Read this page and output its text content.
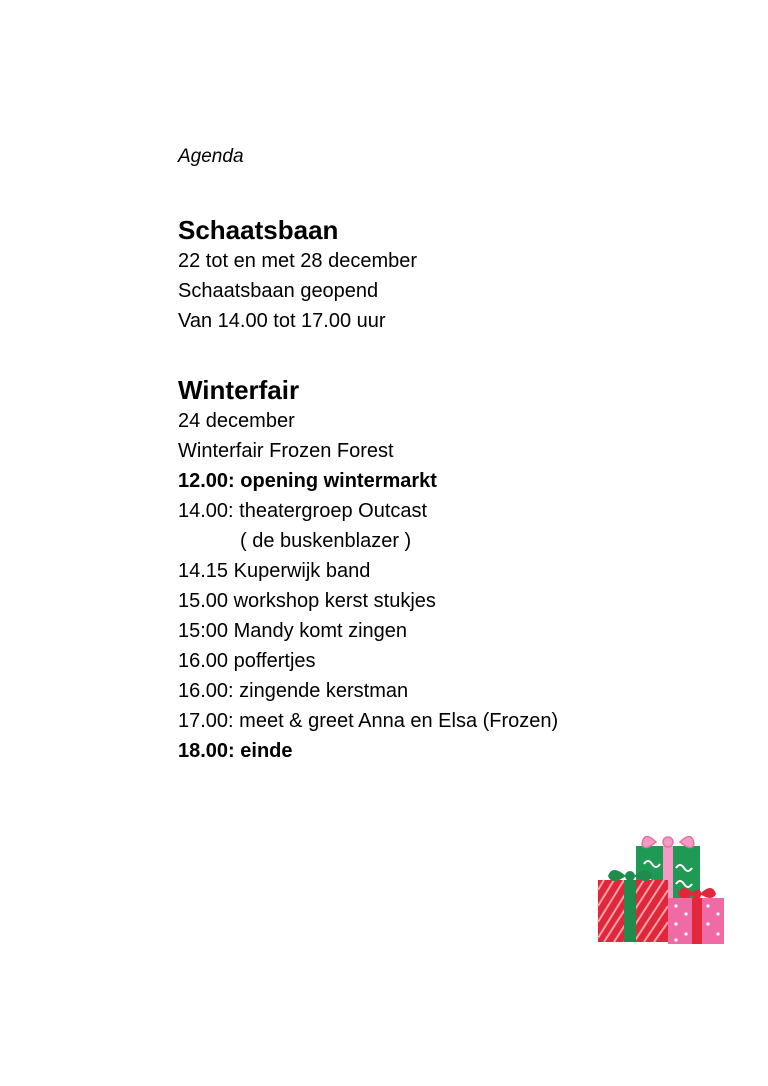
Agenda
Schaatsbaan
22 tot en met 28 december
Schaatsbaan geopend
Van 14.00 tot 17.00 uur
Winterfair
24 december
Winterfair Frozen Forest
12.00: opening wintermarkt
14.00: theatergroep Outcast
( de buskenblazer )
14.15 Kuperwijk band
15.00 workshop kerst stukjes
15:00 Mandy komt zingen
16.00 poffertjes
16.00: zingende kerstman
17.00: meet & greet Anna en Elsa (Frozen)
18.00: einde
